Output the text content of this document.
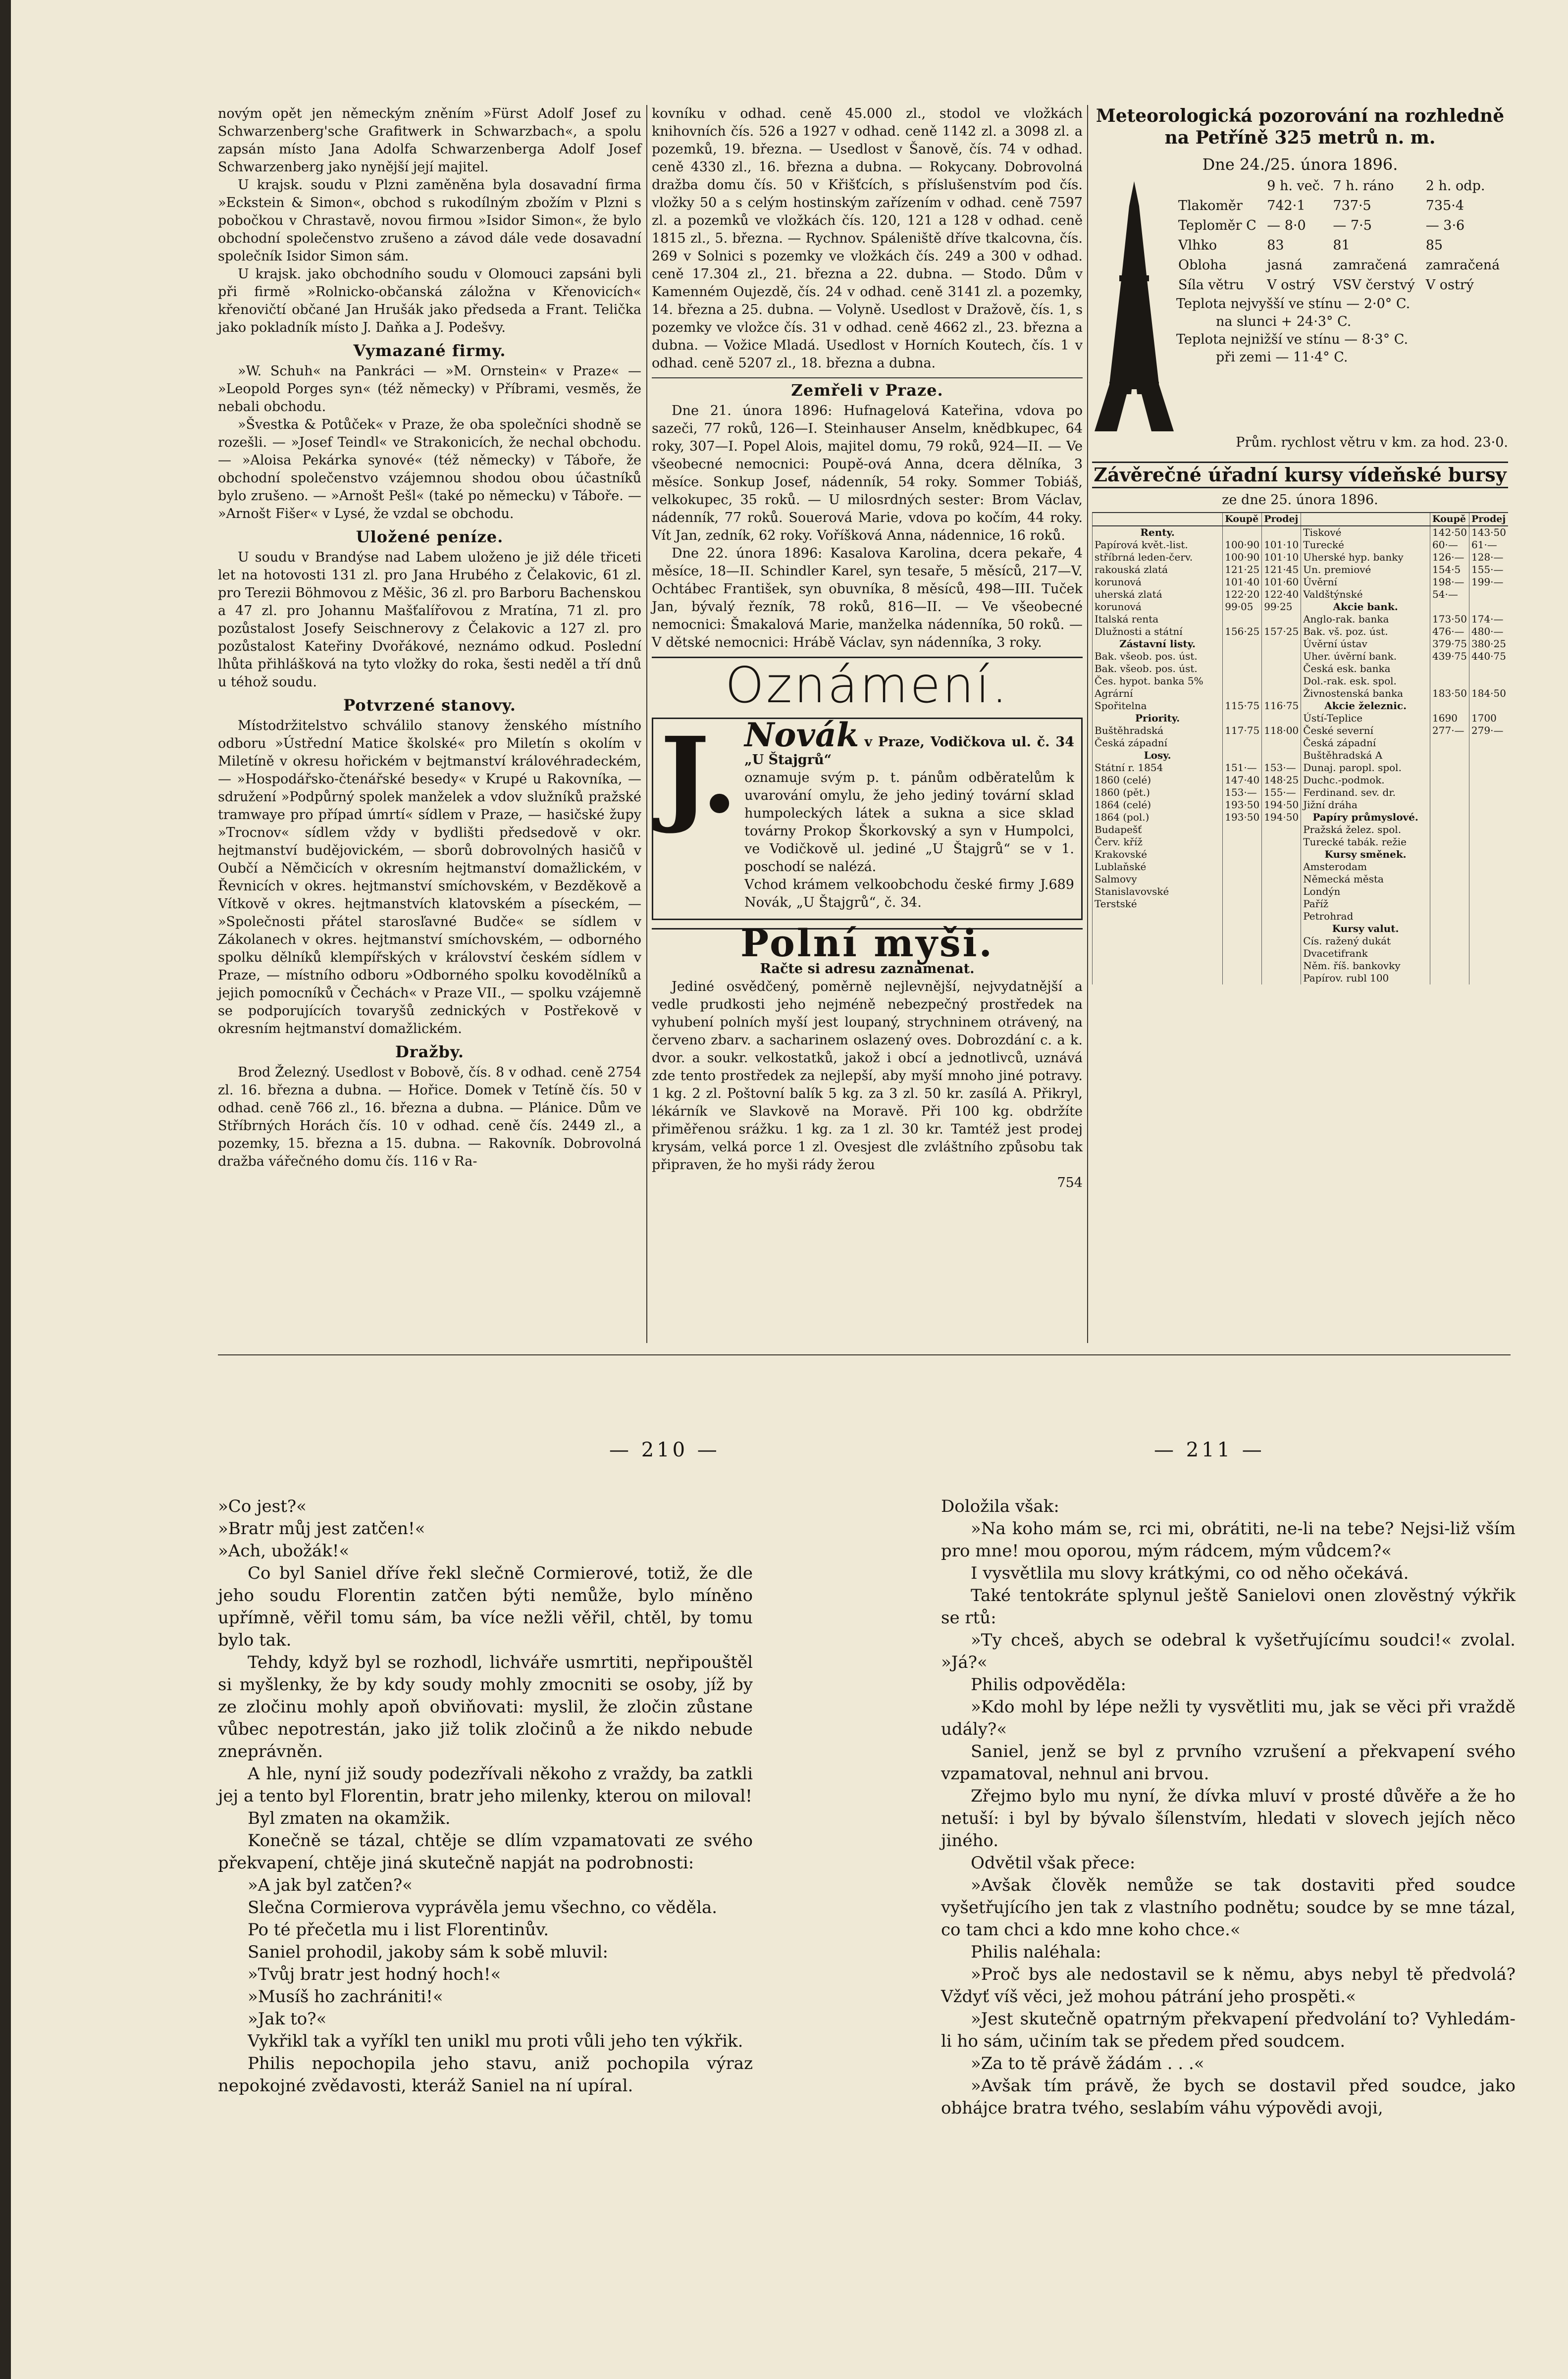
novým opět jen německým zněním »Fürst Adolf Josef zu Schwarzenberg'sche Grafitwerk in Schwarzbach«, a spolu zapsán místo Jana Adolfa Schwarzenberga Adolf Josef Schwarzenberg jako nynější její majitel.

U krajsk. soudu v Plzni zaměněna byla dosavadní firma »Eckstein & Simon«, obchod s rukodílným zbožím v Plzni s pobočkou v Chrastavě, novou firmou »Isidor Simon«, že bylo obchodní společenstvo zrušeno a závod dále vede dosavadní společník Isidor Simon sám.

U krajsk. jako obchodního soudu v Olomouci zapsáni byli při firmě »Rolnicko-občanská záložna v Křenovicích« křenovičtí občané Jan Hrušák jako předseda a Frant. Telička jako pokladník místo J. Daňka a J. Podešvy.

Vymazané firmy.

»W. Schuh« na Pankráci — »M. Ornstein« v Praze« — »Leopold Porges syn« (též německy) v Příbrami, vesměs, že nebali obchodu.

»Švestka & Potůček« v Praze, že oba společníci shodně se rozešli. — »Josef Teindl« ve Strakonicích, že nechal obchodu. — »Aloisa Pekárka synové« (též německy) v Táboře, že obchodní společenstvo vzájemnou shodou obou účastníků bylo zrušeno. — »Arnošt Pešl« (také po německu) v Táboře. — »Arnošt Fišer« v Lysé, že vzdal se obchodu.

Uložené peníze.

U soudu v Brandýse nad Labem uloženo je již déle třiceti let na hotovosti 131 zl. pro Jana Hrubého z Čelakovic, 61 zl. pro Terezii Böhmovou z Měšic, 36 zl. pro Barboru Bachenskou a 47 zl. pro Johannu Mašťalířovou z Mratína, 71 zl. pro pozůstalost Josefy Seischnerovy z Čelakovic a 127 zl. pro pozůstalost Kateřiny Dvořákové, neznámo odkud. Poslední lhůta přihlášková na tyto vložky do roka, šesti neděl a tří dnů u téhož soudu.

Potvrzené stanovy.

Místodržitelstvo schválilo stanovy ženského místního odboru »Ústřední Matice školské« pro Miletín s okolím v Miletíně v okresu hořickém v bejtmanství královéhradeckém, — »Hospodářsko-čtenářské besedy« v Krupé u Rakovníka, — sdružení »Podpůrný spolek manželek a vdov služníků pražské tramwaye pro případ úmrtí« sídlem v Praze, — hasičské župy »Trocnov« sídlem vždy v bydlišti předsedově v okr. hejtmanství budějovickém, — sborů dobrovolných hasičů v Oubčí a Němčicích v okresním hejtmanství domažlickém, v Řevnicích v okres. hejtmanství smíchovském, v Bezděkově a Vítkově v okres. hejtmanstvích klatovském a píseckém, — »Společnosti přátel starosľavné Budče« se sídlem v Zákolanech v okres. hejtmanství smíchovském, — odborného spolku dělníků klempířských v království českém sídlem v Praze, — místního odboru »Odborného spolku kovodělníků a jejich pomocníků v Čechách« v Praze VII., — spolku vzájemně se podporujících tovaryšů zednických v Postřekově v okresním hejtmanství domažlickém.

Dražby.

Brod Železný. Usedlost v Bobově, čís. 8 v odhad. ceně 2754 zl. 16. března a dubna. — Hořice. Domek v Tetíně čís. 50 v odhad. ceně 766 zl., 16. března a dubna. — Plánice. Dům ve Stříbrných Horách čís. 10 v odhad. ceně čís. 2449 zl., a pozemky, 15. března a 15. dubna. — Rakovník. Dobrovolná dražba vářečného domu čís. 116 v Ra-

kovníku v odhad. ceně 45.000 zl., stodol ve vložkách knihovních čís. 526 a 1927 v odhad. ceně 1142 zl. a 3098 zl. a pozemků, 19. března. — Usedlost v Šanově, čís. 74 v odhad. ceně 4330 zl., 16. března a dubna. — Rokycany. Dobrovolná dražba domu čís. 50 v Křišťcích, s příslušenstvím pod čís. vložky 50 a s celým hostinským zařízením v odhad. ceně 7597 zl. a pozemků ve vložkách čís. 120, 121 a 128 v odhad. ceně 1815 zl., 5. března. — Rychnov. Spáleniště dříve tkalcovna, čís. 269 v Solnici s pozemky ve vložkách čís. 249 a 300 v odhad. ceně 17.304 zl., 21. března a 22. dubna. — Stodo. Dům v Kamenném Oujezdě, čís. 24 v odhad. ceně 3141 zl. a pozemky, 14. března a 25. dubna. — Volyně. Usedlost v Dražově, čís. 1, s pozemky ve vložce čís. 31 v odhad. ceně 4662 zl., 23. března a dubna. — Vožice Mladá. Usedlost v Horních Koutech, čís. 1 v odhad. ceně 5207 zl., 18. března a dubna.

Zemřeli v Praze.

Dne 21. února 1896: Hufnagelová Kateřina, vdova po sazeči, 77 roků, 126—I. Steinhauser Anselm, knědbkupec, 64 roky, 307—I. Popel Alois, majitel domu, 79 roků, 924—II. — Ve všeobecné nemocnici: Poupě-ová Anna, dcera dělníka, 3 měsíce. Sonkup Josef, nádenník, 54 roky. Sommer Tobiáš, velkokupec, 35 roků. — U milosrdných sester: Brom Václav, nádenník, 77 roků. Souerová Marie, vdova po kočím, 44 roky. Vít Jan, zedník, 62 roky. Voříšková Anna, nádennice, 16 roků.

Dne 22. února 1896: Kasalova Karolina, dcera pekaře, 4 měsíce, 18—II. Schindler Karel, syn tesaře, 5 měsíců, 217—V. Ochtábec František, syn obuvníka, 8 měsíců, 498—III. Tuček Jan, bývalý řezník, 78 roků, 816—II. — Ve všeobecné nemocnici: Šmakalová Marie, manželka nádenníka, 50 roků. — V dětské nemocnici: Hrábě Václav, syn nádenníka, 3 roky.

Oznámení.
J. Novák v Praze, Vodičkova ul. č. 34 „U Štajgrů“
oznamuje svým p. t. pánům odběratelům k uvarování omylu, že jeho jediný tovární sklad humpoleckých látek a sukna a sice sklad továrny Prokop Škorkovský a syn v Humpolci, ve Vodičkově ul. jediné „U Štajgrů“ se v 1. poschodí se nalézá.
Vchod krámem velkoobchodu české firmy J. Novák, „U Štajgrů“, č. 34.
689
Polní myši.
Račte si adresu zaznamenat.

Jediné osvědčený, poměrně nejlevnější, nejvydatnější a vedle prudkosti jeho nejméně nebezpečný prostředek na vyhubení polních myší jest loupaný, strychninem otrávený, na červeno zbarv. a sacharinem oslazený oves. Dobrozdání c. a k. dvor. a soukr. velkostatků, jakož i obcí a jednotlivců, uznává zde tento prostředek za nejlepší, aby myší mnoho jiné potravy. 1 kg. 2 zl. Poštovní balík 5 kg. za 3 zl. 50 kr. zasílá A. Přikryl, lékárník ve Slavkově na Moravě. Při 100 kg. obdržíte přiměřenou srážku. 1 kg. za 1 zl. 30 kr. Tamtéž jest prodej krysám, velká porce 1 zl. Ovesjest dle zvláštního způsobu tak připraven, že ho myši rády žerou

754
Meteorologická pozorování na rozhledně na Petříně 325 metrů n. m.
Dne 24./25. února 1896.
	9 h. več.	7 h. ráno	2 h. odp.
Tlakoměr	742·1	737·5	735·4
Teploměr C	— 8·0	— 7·5	— 3·6
Vlhko	83	81	85
Obloha	jasná	zamračená	zamračená
Síla větru	V ostrý	VSV čerstvý	V ostrý
Teplota nejvyšší ve stínu — 2·0° C.
na slunci + 24·3° C.
Teplota nejnižší ve stínu — 8·3° C.
při zemi — 11·4° C.
Prům. rychlost větru v km. za hod. 23·0.
Závěrečné úřadní kursy vídeňské bursy
ze dne 25. února 1896.
	Koupě	Prodej		Koupě	Prodej
Renty.			Tiskové	142·50	143·50
Papírová květ.-list.	100·90	101·10	Turecké	60·—	61·—
stříbrná leden-červ.	100·90	101·10	Uherské hyp. banky	126·—	128·—
rakouská zlatá	121·25	121·45	Un. premiové	154·5	155·—
korunová	101·40	101·60	Úvěrní	198·—	199·—
uherská zlatá	122·20	122·40	Valdštýnské	54·—	
korunová	99·05	99·25	Akcie bank.		
Italská renta			Anglo-rak. banka	173·50	174·—
Dlužnosti a státní	156·25	157·25	Bak. vš. poz. úst.	476·—	480·—
Zástavní listy.			Úvěrní ústav	379·75	380·25
Bak. všeob. pos. úst.			Uher. úvěrní bank.	439·75	440·75
Bak. všeob. pos. úst.			Česká esk. banka		
Čes. hypot. banka 5%			Dol.-rak. esk. spol.		
Agrární			Živnostenská banka	183·50	184·50
Spořitelna	115·75	116·75	Akcie železnic.		
Priority.			Ústí-Teplice	1690	1700
Buštěhradská	117·75	118·00	České severní	277·—	279·—
Česká západní			Česká západní		
Losy.			Buštěhradská A		
Státní r. 1854	151·—	153·—	Dunaj. paropl. spol.		
1860 (celé)	147·40	148·25	Duchc.-podmok.		
1860 (pět.)	153·—	155·—	Ferdinand. sev. dr.		
1864 (celé)	193·50	194·50	Jižní dráha		
1864 (pol.)	193·50	194·50	Papíry průmyslové.		
Budapešť			Pražská želez. spol.		
Červ. kříž			Turecké tabák. režie		
Krakovské			Kursy směnek.		
Lublaňské			Amsterodam		
Salmovy			Německá města		
Stanislavovské			Londýn		
Terstské			Paříž		
			Petrohrad		
			Kursy valut.		
			Cís. ražený dukát		
			Dvacetifrank		
			Něm. říš. bankovky		
			Papírov. rubl 100		
— 210 —	— 211 —

»Co jest?«

»Bratr můj jest zatčen!«

»Ach, ubožák!«

Co byl Saniel dříve řekl slečně Cormierové, totiž, že dle jeho soudu Florentin zatčen býti nemůže, bylo míněno upřímně, věřil tomu sám, ba více nežli věřil, chtěl, by tomu bylo tak.

Tehdy, když byl se rozhodl, lichváře usmrtiti, nepřipouštěl si myšlenky, že by kdy soudy mohly zmocniti se osoby, jíž by ze zločinu mohly apoň obviňovati: myslil, že zločin zůstane vůbec nepotrestán, jako již tolik zločinů a že nikdo nebude zneprávněn.

A hle, nyní již soudy podezřívali někoho z vraždy, ba zatkli jej a tento byl Florentin, bratr jeho milenky, kterou on miloval!

Byl zmaten na okamžik.

Konečně se tázal, chtěje se dlím vzpamatovati ze svého překvapení, chtěje jiná skutečně napját na podrobnosti:

»A jak byl zatčen?«

Slečna Cormierova vyprávěla jemu všechno, co věděla.

Po té přečetla mu i list Florentinův.

Saniel prohodil, jakoby sám k sobě mluvil:

»Tvůj bratr jest hodný hoch!«

»Musíš ho zachrániti!«

»Jak to?«

Vykřikl tak a vyříkl ten unikl mu proti vůli jeho ten výkřik.

Philis nepochopila jeho stavu, aniž pochopila výraz nepokojné zvědavosti, kteráž Saniel na ní upíral.

Doložila však:

»Na koho mám se, rci mi, obrátiti, ne-li na tebe? Nejsi-liž vším pro mne! mou oporou, mým rádcem, mým vůdcem?«

I vysvětlila mu slovy krátkými, co od něho očekává.

Také tentokráte splynul ještě Sanielovi onen zlověstný výkřik se rtů:

»Ty chceš, abych se odebral k vyšetřujícímu soudci!« zvolal. »Já?«

Philis odpověděla:

»Kdo mohl by lépe nežli ty vysvětliti mu, jak se věci při vraždě udály?«

Saniel, jenž se byl z prvního vzrušení a překvapení svého vzpamatoval, nehnul ani brvou.

Zřejmo bylo mu nyní, že dívka mluví v prosté důvěře a že ho netuší: i byl by bývalo šílenstvím, hledati v slovech jejích něco jiného.

Odvětil však přece:

»Avšak člověk nemůže se tak dostaviti před soudce vyšetřujícího jen tak z vlastního podnětu; soudce by se mne tázal, co tam chci a kdo mne koho chce.«

Philis naléhala:

»Proč bys ale nedostavil se k němu, abys nebyl tě předvolá? Vždyť víš věci, jež mohou pátrání jeho prospěti.«

»Jest skutečně opatrným překvapení předvolání to? Vyhledám-li ho sám, učiním tak se předem před soudcem.

»Za to tě právě žádám . . .«

»Avšak tím právě, že bych se dostavil před soudce, jako obhájce bratra tvého, seslabím váhu výpovědi avoji,
